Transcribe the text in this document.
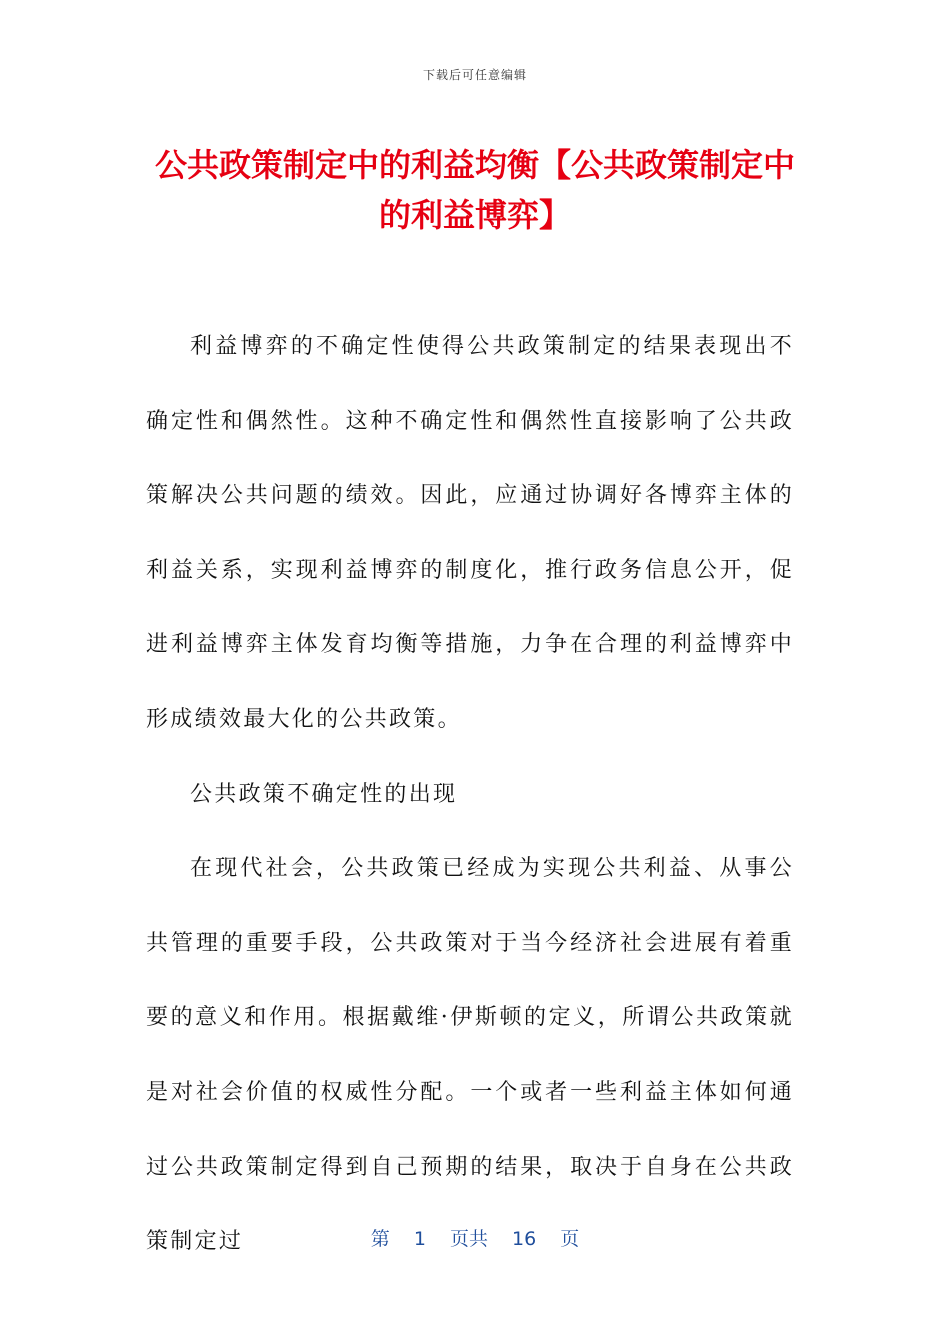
下载后可任意编辑
公共政策制定中的利益均衡【公共政策制定中的利益博弈】

利益博弈的不确定性使得公共政策制定的结果表现出不确定性和偶然性。这种不确定性和偶然性直接影响了公共政策解决公共问题的绩效。因此，应通过协调好各博弈主体的利益关系，实现利益博弈的制度化，推行政务信息公开，促进利益博弈主体发育均衡等措施，力争在合理的利益博弈中形成绩效最大化的公共政策。

公共政策不确定性的出现

在现代社会，公共政策已经成为实现公共利益、从事公共管理的重要手段，公共政策对于当今经济社会进展有着重要的意义和作用。根据戴维·伊斯顿的定义，所谓公共政策就是对社会价值的权威性分配。一个或者一些利益主体如何通过公共政策制定得到自己预期的结果，取决于自身在公共政策制定过	第 1 页共 16 页
